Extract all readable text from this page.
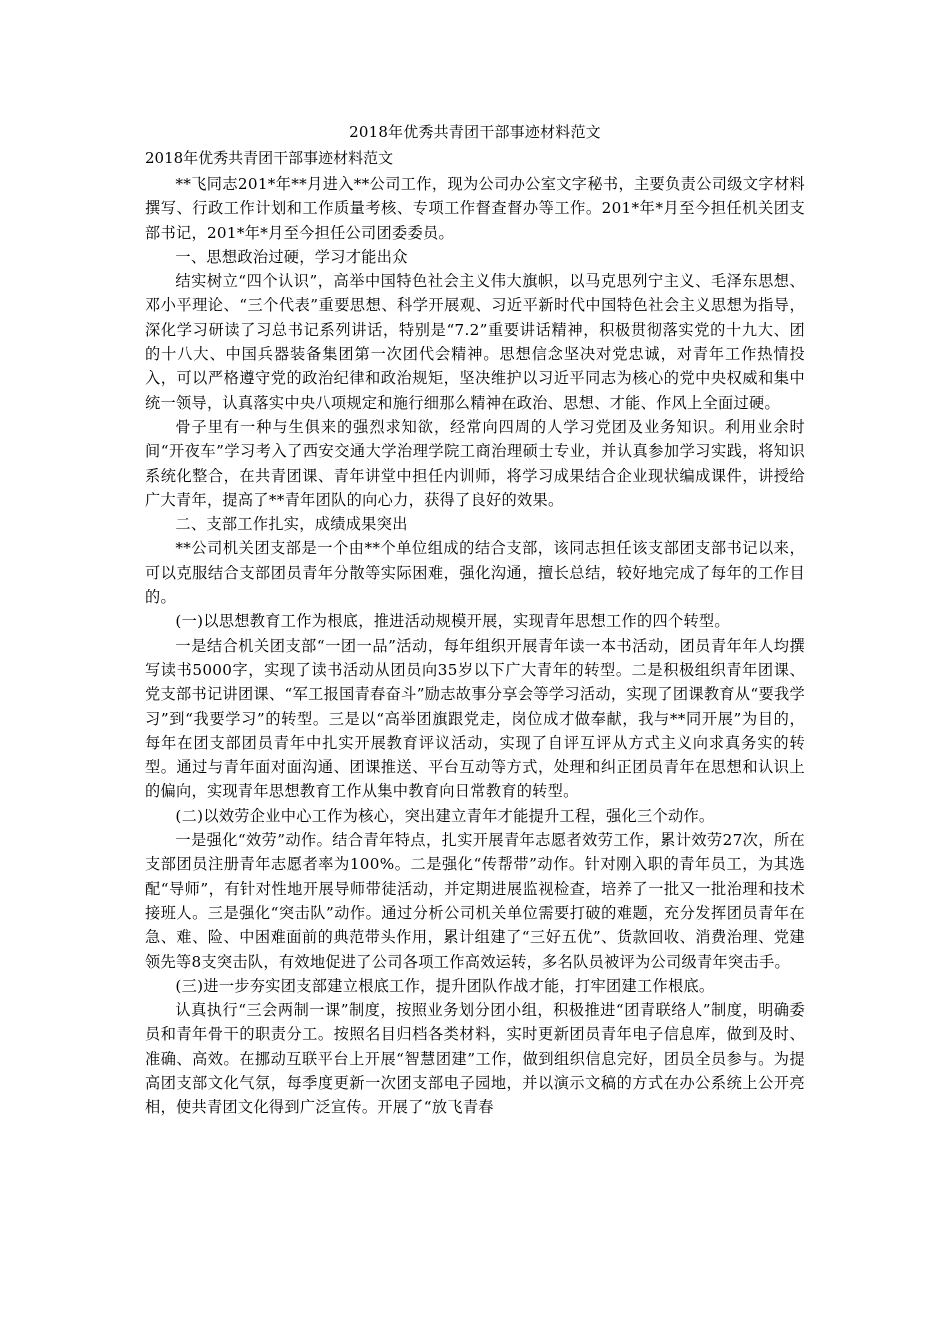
2018年优秀共青团干部事迹材料范文
2018年优秀共青团干部事迹材料范文

**飞同志201*年**月进入**公司工作，现为公司办公室文字秘书，主要负责公司级文字材料撰写、行政工作计划和工作质量考核、专项工作督查督办等工作。201*年*月至今担任机关团支部书记，201*年*月至今担任公司团委委员。

一、思想政治过硬，学习才能出众

结实树立“四个认识”，高举中国特色社会主义伟大旗帜，以马克思列宁主义、毛泽东思想、邓小平理论、“三个代表”重要思想、科学开展观、习近平新时代中国特色社会主义思想为指导，深化学习研读了习总书记系列讲话，特别是“7.2”重要讲话精神，积极贯彻落实党的十九大、团的十八大、中国兵器装备集团第一次团代会精神。思想信念坚决对党忠诚，对青年工作热情投入，可以严格遵守党的政治纪律和政治规矩，坚决维护以习近平同志为核心的党中央权威和集中统一领导，认真落实中央八项规定和施行细那么精神在政治、思想、才能、作风上全面过硬。

骨子里有一种与生俱来的强烈求知欲，经常向四周的人学习党团及业务知识。利用业余时间“开夜车”学习考入了西安交通大学治理学院工商治理硕士专业，并认真参加学习实践，将知识系统化整合，在共青团课、青年讲堂中担任内训师，将学习成果结合企业现状编成课件，讲授给广大青年，提高了**青年团队的向心力，获得了良好的效果。

二、支部工作扎实，成绩成果突出

**公司机关团支部是一个由**个单位组成的结合支部，该同志担任该支部团支部书记以来，可以克服结合支部团员青年分散等实际困难，强化沟通，擅长总结，较好地完成了每年的工作目的。

(一)以思想教育工作为根底，推进活动规模开展，实现青年思想工作的四个转型。

一是结合机关团支部“一团一品”活动，每年组织开展青年读一本书活动，团员青年年人均撰写读书5000字，实现了读书活动从团员向35岁以下广大青年的转型。二是积极组织青年团课、党支部书记讲团课、“军工报国青春奋斗”励志故事分享会等学习活动，实现了团课教育从“要我学习”到“我要学习”的转型。三是以“高举团旗跟党走，岗位成才做奉献，我与**同开展”为目的，每年在团支部团员青年中扎实开展教育评议活动，实现了自评互评从方式主义向求真务实的转型。通过与青年面对面沟通、团课推送、平台互动等方式，处理和纠正团员青年在思想和认识上的偏向，实现青年思想教育工作从集中教育向日常教育的转型。

(二)以效劳企业中心工作为核心，突出建立青年才能提升工程，强化三个动作。

一是强化“效劳”动作。结合青年特点，扎实开展青年志愿者效劳工作，累计效劳27次，所在支部团员注册青年志愿者率为100%。二是强化“传帮带”动作。针对刚入职的青年员工，为其选配“导师”，有针对性地开展导师带徒活动，并定期进展监视检查，培养了一批又一批治理和技术接班人。三是强化“突击队”动作。通过分析公司机关单位需要打破的难题，充分发挥团员青年在急、难、险、中困难面前的典范带头作用，累计组建了“三好五优”、货款回收、消费治理、党建领先等8支突击队，有效地促进了公司各项工作高效运转，多名队员被评为公司级青年突击手。

(三)进一步夯实团支部建立根底工作，提升团队作战才能，打牢团建工作根底。

认真执行“三会两制一课”制度，按照业务划分团小组，积极推进“团青联络人”制度，明确委员和青年骨干的职责分工。按照名目归档各类材料，实时更新团员青年电子信息库，做到及时、准确、高效。在挪动互联平台上开展“智慧团建”工作，做到组织信息完好，团员全员参与。为提高团支部文化气氛，每季度更新一次团支部电子园地，并以演示文稿的方式在办公系统上公开亮相，使共青团文化得到广泛宣传。开展了“放飞青春
